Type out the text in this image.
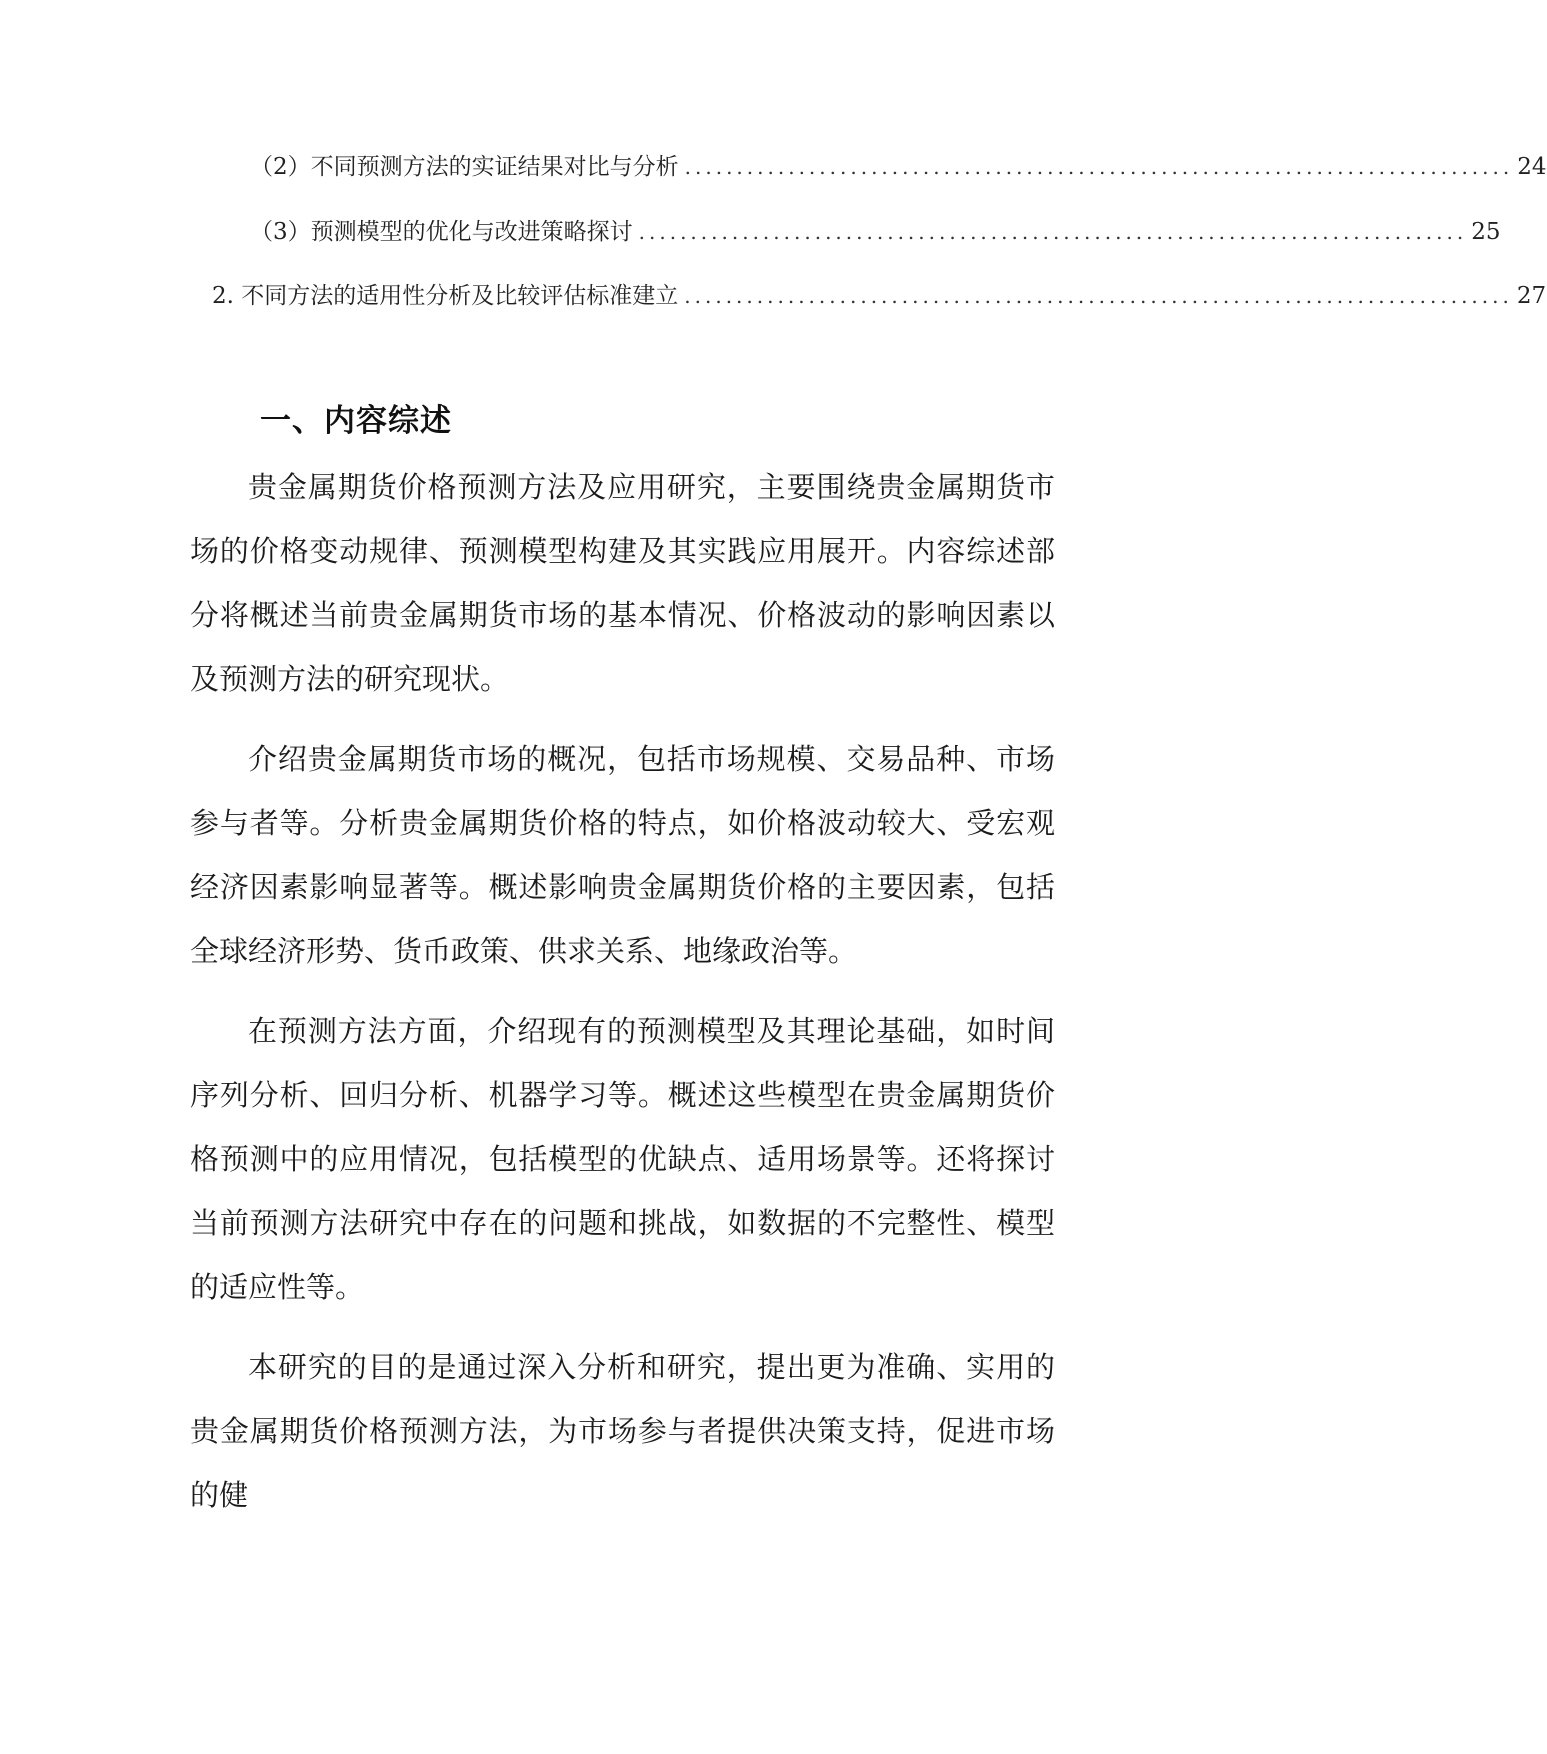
（2）不同预测方法的实证结果对比与分析 ................................................................................ 24
（3）预测模型的优化与改进策略探讨 ................................................................................ 25
2. 不同方法的适用性分析及比较评估标准建立 ................................................................................ 27
一、内容综述

贵金属期货价格预测方法及应用研究，主要围绕贵金属期货市场的价格变动规律、预测模型构建及其实践应用展开。内容综述部分将概述当前贵金属期货市场的基本情况、价格波动的影响因素以及预测方法的研究现状。

介绍贵金属期货市场的概况，包括市场规模、交易品种、市场参与者等。分析贵金属期货价格的特点，如价格波动较大、受宏观经济因素影响显著等。概述影响贵金属期货价格的主要因素，包括全球经济形势、货币政策、供求关系、地缘政治等。

在预测方法方面，介绍现有的预测模型及其理论基础，如时间序列分析、回归分析、机器学习等。概述这些模型在贵金属期货价格预测中的应用情况，包括模型的优缺点、适用场景等。还将探讨当前预测方法研究中存在的问题和挑战，如数据的不完整性、模型的适应性等。

本研究的目的是通过深入分析和研究，提出更为准确、实用的贵金属期货价格预测方法，为市场参与者提供决策支持，促进市场的健
